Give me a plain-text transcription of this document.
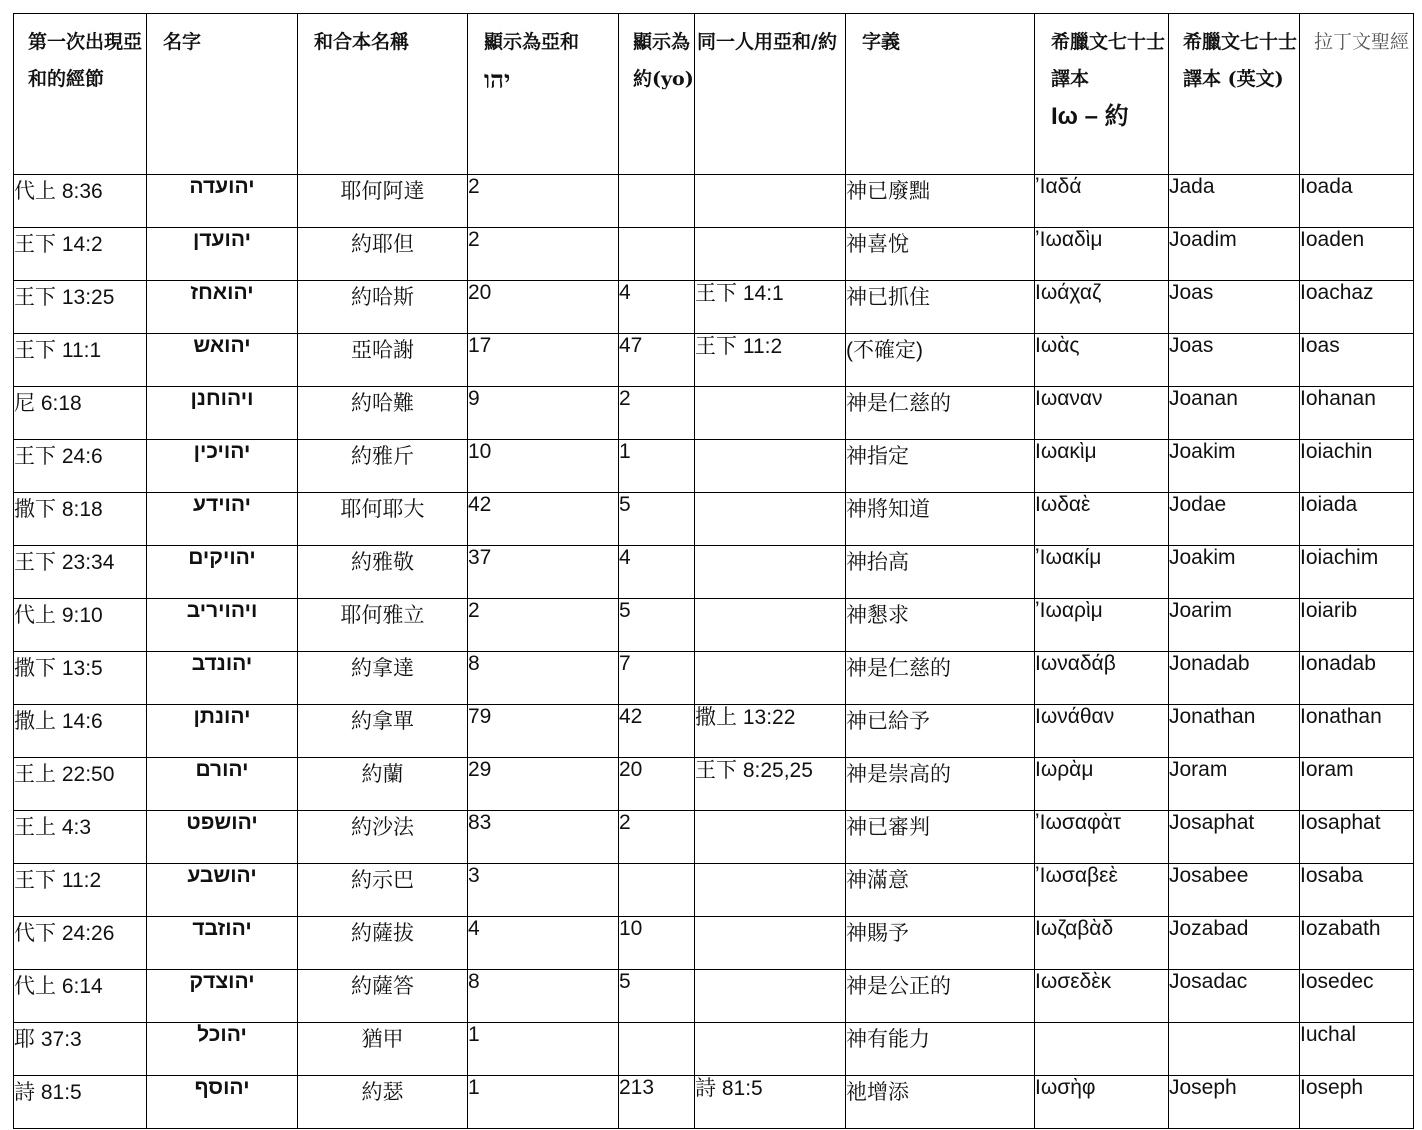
第一次出現亞和的經節	名字	和合本名稱	顯示為亞和
יהו	顯示為約(yo)	同一人用亞和/約	字義	希臘文七十士譯本
Iω – 約	希臘文七十士譯本 (英文)	拉丁文聖經
代上 8:36	יהועדה	耶何阿達	2			神已廢黜	ʼΙαδά	Jada	Ioada
王下 14:2	יהועדן	約耶但	2			神喜悅	ʼΙωαδὶμ	Joadim	Ioaden
王下 13:25	יהואחז	約哈斯	20	4	王下 14:1	神已抓住	Ιωάχαζ	Joas	Ioachaz
王下 11:1	יהואש	亞哈謝	17	47	王下 11:2	(不確定)	Ιωὰς	Joas	Ioas
尼 6:18	ויהוחנן	約哈難	9	2		神是仁慈的	Ιωαναν	Joanan	Iohanan
王下 24:6	יהויכין	約雅斤	10	1		神指定	Ιωακὶμ	Joakim	Ioiachin
撒下 8:18	יהוידע	耶何耶大	42	5		神將知道	Ιωδαὲ	Jodae	Ioiada
王下 23:34	יהויקים	約雅敬	37	4		神抬高	ʼΙωακίμ	Joakim	Ioiachim
代上 9:10	ויהויריב	耶何雅立	2	5		神懇求	ʼΙωαρὶμ	Joarim	Ioiarib
撒下 13:5	יהונדב	約拿達	8	7		神是仁慈的	Ιωναδάβ	Jonadab	Ionadab
撒上 14:6	יהונתן	約拿單	79	42	撒上 13:22	神已給予	Ιωνάθαν	Jonathan	Ionathan
王上 22:50	יהורם	約蘭	29	20	王下 8:25,25	神是崇高的	Ιωρὰμ	Joram	Ioram
王上 4:3	יהושפט	約沙法	83	2		神已審判	ʼΙωσαφὰτ	Josaphat	Iosaphat
王下 11:2	יהושבע	約示巴	3			神滿意	ʼΙωσαβεὲ	Josabee	Iosaba
代下 24:26	יהוזבד	約薩拔	4	10		神賜予	Ιωζαβὰδ	Jozabad	Iozabath
代上 6:14	יהוצדק	約薩答	8	5		神是公正的	Ιωσεδὲκ	Josadac	Iosedec
耶 37:3	יהוכל	猶甲	1			神有能力			Iuchal
詩 81:5	יהוסף	約瑟	1	213	詩 81:5	祂增添	Ιωσὴφ	Joseph	Ioseph
